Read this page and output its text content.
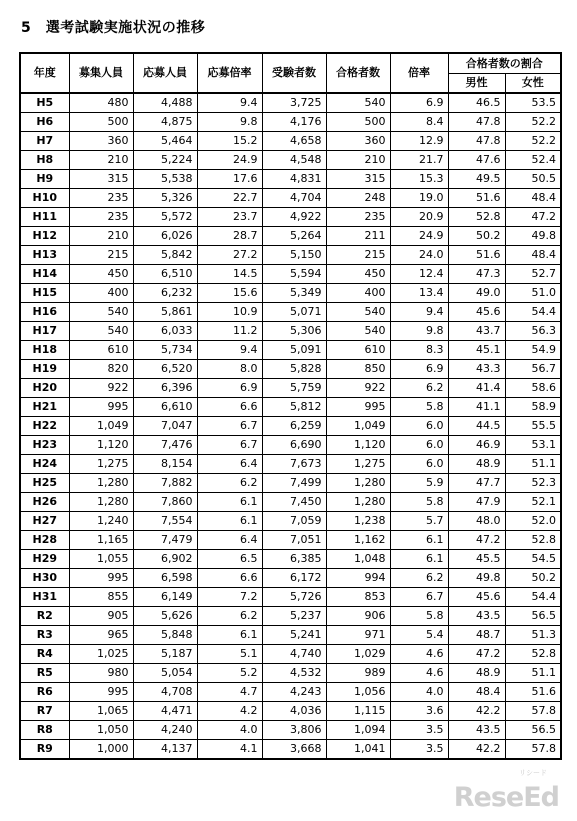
5　選考試験実施状況の推移
年度	募集人員	応募人員	応募倍率	受験者数	合格者数	倍率	合格者数の割合	
							男性	女性
H5	480	4,488	9.4	3,725	540	6.9	46.5	53.5
H6	500	4,875	9.8	4,176	500	8.4	47.8	52.2
H7	360	5,464	15.2	4,658	360	12.9	47.8	52.2
H8	210	5,224	24.9	4,548	210	21.7	47.6	52.4
H9	315	5,538	17.6	4,831	315	15.3	49.5	50.5
H10	235	5,326	22.7	4,704	248	19.0	51.6	48.4
H11	235	5,572	23.7	4,922	235	20.9	52.8	47.2
H12	210	6,026	28.7	5,264	211	24.9	50.2	49.8
H13	215	5,842	27.2	5,150	215	24.0	51.6	48.4
H14	450	6,510	14.5	5,594	450	12.4	47.3	52.7
H15	400	6,232	15.6	5,349	400	13.4	49.0	51.0
H16	540	5,861	10.9	5,071	540	9.4	45.6	54.4
H17	540	6,033	11.2	5,306	540	9.8	43.7	56.3
H18	610	5,734	9.4	5,091	610	8.3	45.1	54.9
H19	820	6,520	8.0	5,828	850	6.9	43.3	56.7
H20	922	6,396	6.9	5,759	922	6.2	41.4	58.6
H21	995	6,610	6.6	5,812	995	5.8	41.1	58.9
H22	1,049	7,047	6.7	6,259	1,049	6.0	44.5	55.5
H23	1,120	7,476	6.7	6,690	1,120	6.0	46.9	53.1
H24	1,275	8,154	6.4	7,673	1,275	6.0	48.9	51.1
H25	1,280	7,882	6.2	7,499	1,280	5.9	47.7	52.3
H26	1,280	7,860	6.1	7,450	1,280	5.8	47.9	52.1
H27	1,240	7,554	6.1	7,059	1,238	5.7	48.0	52.0
H28	1,165	7,479	6.4	7,051	1,162	6.1	47.2	52.8
H29	1,055	6,902	6.5	6,385	1,048	6.1	45.5	54.5
H30	995	6,598	6.6	6,172	994	6.2	49.8	50.2
H31	855	6,149	7.2	5,726	853	6.7	45.6	54.4
R2	905	5,626	6.2	5,237	906	5.8	43.5	56.5
R3	965	5,848	6.1	5,241	971	5.4	48.7	51.3
R4	1,025	5,187	5.1	4,740	1,029	4.6	47.2	52.8
R5	980	5,054	5.2	4,532	989	4.6	48.9	51.1
R6	995	4,708	4.7	4,243	1,056	4.0	48.4	51.6
R7	1,065	4,471	4.2	4,036	1,115	3.6	42.2	57.8
R8	1,050	4,240	4.0	3,806	1,094	3.5	43.5	56.5
R9	1,000	4,137	4.1	3,668	1,041	3.5	42.2	57.8
リシード
ReseEd
